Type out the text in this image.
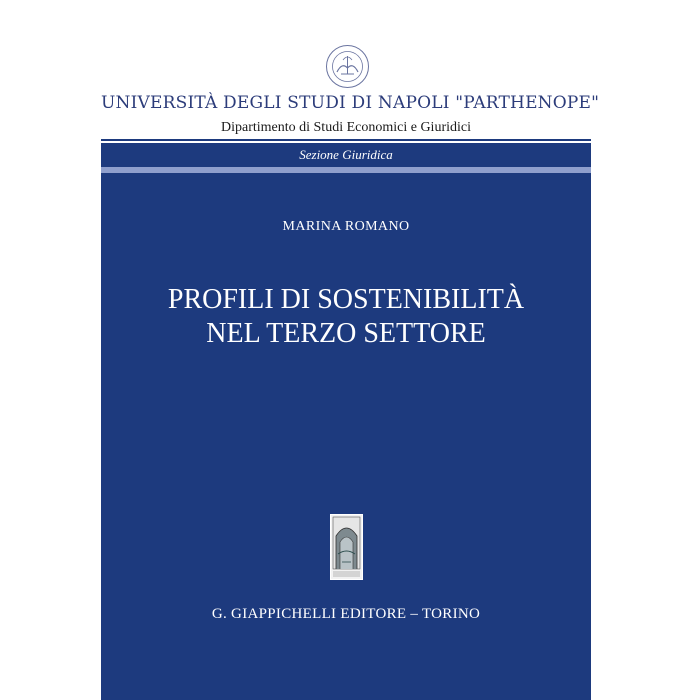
UNIVERSITÀ DEGLI STUDI DI NAPOLI "PARTHENOPE"
Dipartimento di Studi Economici e Giuridici
Sezione Giuridica
MARINA ROMANO
PROFILI DI SOSTENIBILITÀ
NEL TERZO SETTORE
G. GIAPPICHELLI EDITORE – TORINO
